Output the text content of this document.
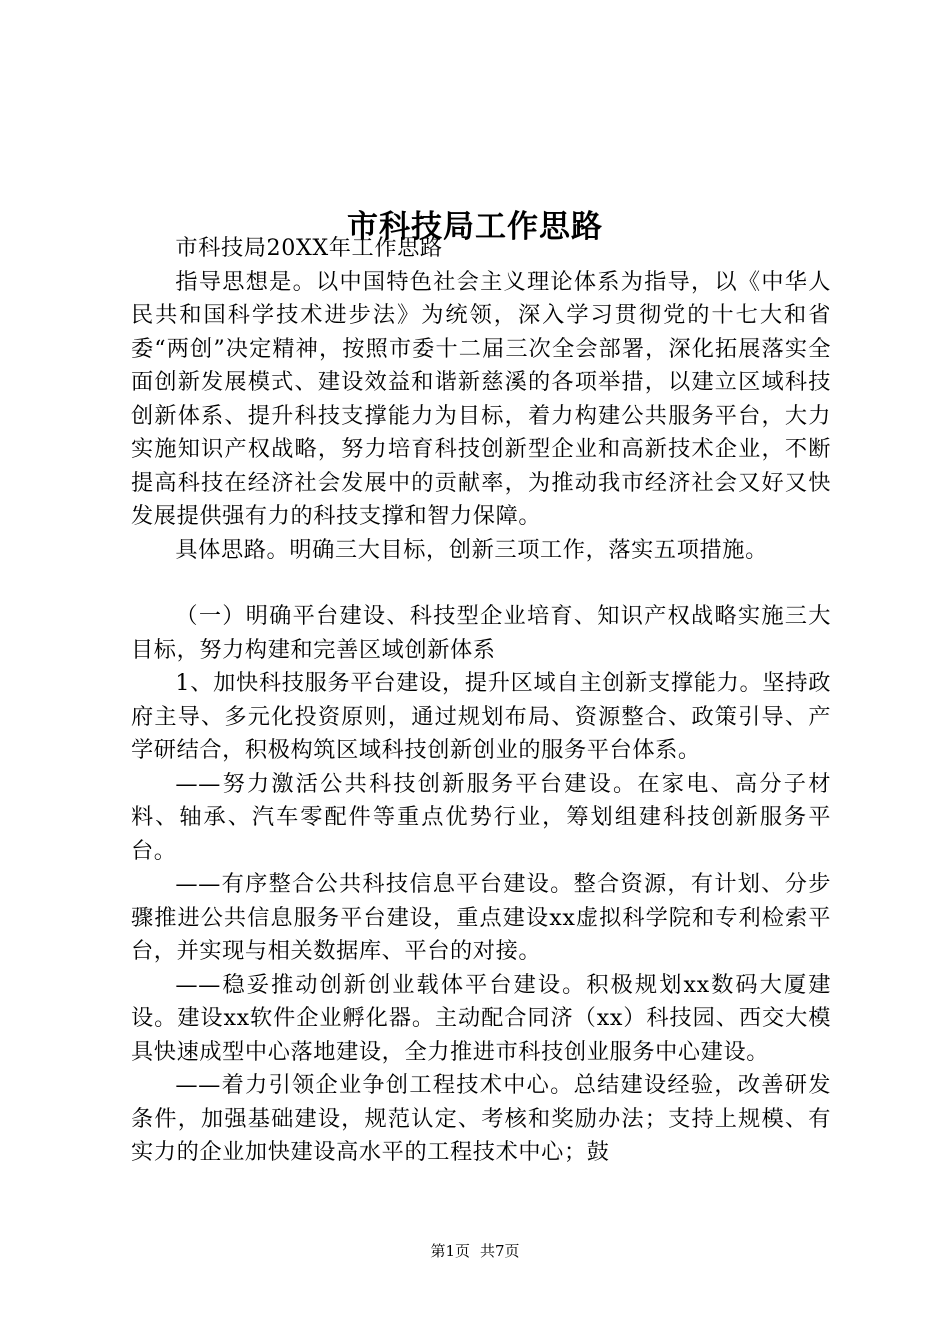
市科技局工作思路

市科技局20XX年工作思路

指导思想是。以中国特色社会主义理论体系为指导，以《中华人民共和国科学技术进步法》为统领，深入学习贯彻党的十七大和省委“两创”决定精神，按照市委十二届三次全会部署，深化拓展落实全面创新发展模式、建设效益和谐新慈溪的各项举措，以建立区域科技创新体系、提升科技支撑能力为目标，着力构建公共服务平台，大力实施知识产权战略，努力培育科技创新型企业和高新技术企业，不断提高科技在经济社会发展中的贡献率，为推动我市经济社会又好又快发展提供强有力的科技支撑和智力保障。

具体思路。明确三大目标，创新三项工作，落实五项措施。

（一）明确平台建设、科技型企业培育、知识产权战略实施三大目标，努力构建和完善区域创新体系

1、加快科技服务平台建设，提升区域自主创新支撑能力。坚持政府主导、多元化投资原则，通过规划布局、资源整合、政策引导、产学研结合，积极构筑区域科技创新创业的服务平台体系。

——努力激活公共科技创新服务平台建设。在家电、高分子材料、轴承、汽车零配件等重点优势行业，筹划组建科技创新服务平台。

——有序整合公共科技信息平台建设。整合资源，有计划、分步骤推进公共信息服务平台建设，重点建设xx虚拟科学院和专利检索平台，并实现与相关数据库、平台的对接。

——稳妥推动创新创业载体平台建设。积极规划xx数码大厦建设。建设xx软件企业孵化器。主动配合同济（xx）科技园、西交大模具快速成型中心落地建设，全力推进市科技创业服务中心建设。

——着力引领企业争创工程技术中心。总结建设经验，改善研发条件，加强基础建设，规范认定、考核和奖励办法；支持上规模、有实力的企业加快建设高水平的工程技术中心；鼓

第1页 共7页
